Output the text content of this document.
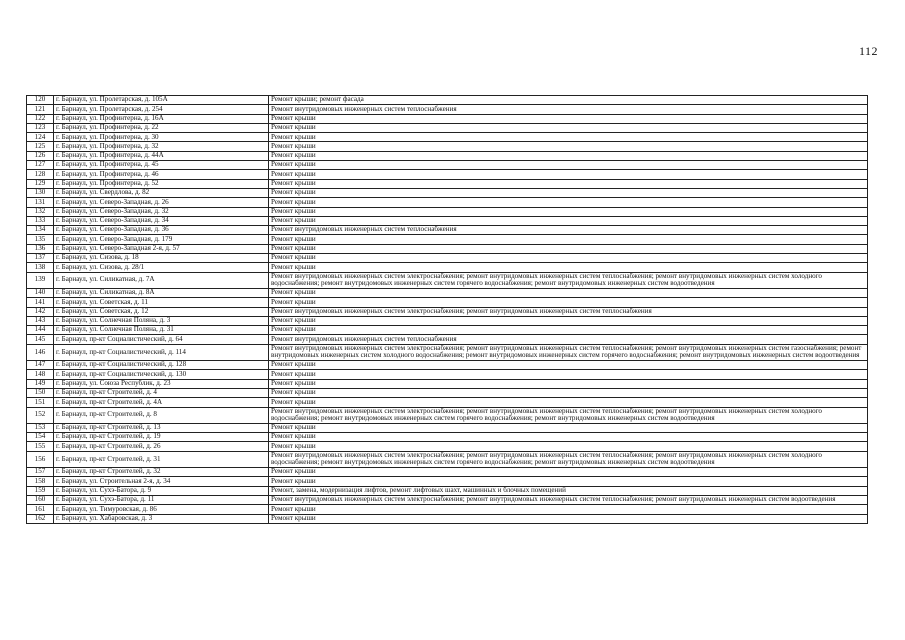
112
120	г. Барнаул, ул. Пролетарская, д. 105А	Ремонт крыши; ремонт фасада
121	г. Барнаул, ул. Пролетарская, д. 254	Ремонт внутридомовых инженерных систем теплоснабжения
122	г. Барнаул, ул. Профинтерна, д. 16А	Ремонт крыши
123	г. Барнаул, ул. Профинтерна, д. 22	Ремонт крыши
124	г. Барнаул, ул. Профинтерна, д. 30	Ремонт крыши
125	г. Барнаул, ул. Профинтерна, д. 32	Ремонт крыши
126	г. Барнаул, ул. Профинтерна, д. 44А	Ремонт крыши
127	г. Барнаул, ул. Профинтерна, д. 45	Ремонт крыши
128	г. Барнаул, ул. Профинтерна, д. 46	Ремонт крыши
129	г. Барнаул, ул. Профинтерна, д. 52	Ремонт крыши
130	г. Барнаул, ул. Свердлова, д. 82	Ремонт крыши
131	г. Барнаул, ул. Северо-Западная, д. 26	Ремонт крыши
132	г. Барнаул, ул. Северо-Западная, д. 32	Ремонт крыши
133	г. Барнаул, ул. Северо-Западная, д. 34	Ремонт крыши
134	г. Барнаул, ул. Северо-Западная, д. 36	Ремонт внутридомовых инженерных систем теплоснабжения
135	г. Барнаул, ул. Северо-Западная, д. 179	Ремонт крыши
136	г. Барнаул, ул. Северо-Западная 2-я, д. 57	Ремонт крыши
137	г. Барнаул, ул. Сизова, д. 18	Ремонт крыши
138	г. Барнаул, ул. Сизова, д. 28/1	Ремонт крыши
139	г. Барнаул, ул. Силикатная, д. 7А	Ремонт внутридомовых инженерных систем электроснабжения; ремонт внутридомовых инженерных систем теплоснабжения; ремонт внутридомовых инженерных систем холодного водоснабжения; ремонт внутридомовых инженерных систем горячего водоснабжения; ремонт внутридомовых инженерных систем водоотведения
140	г. Барнаул, ул. Силикатная, д. 8А	Ремонт крыши
141	г. Барнаул, ул. Советская, д. 11	Ремонт крыши
142	г. Барнаул, ул. Советская, д. 12	Ремонт внутридомовых инженерных систем электроснабжения; ремонт внутридомовых инженерных систем теплоснабжения
143	г. Барнаул, ул. Солнечная Поляна, д. 3	Ремонт крыши
144	г. Барнаул, ул. Солнечная Поляна, д. 31	Ремонт крыши
145	г. Барнаул, пр-кт Социалистический, д. 64	Ремонт внутридомовых инженерных систем теплоснабжения
146	г. Барнаул, пр-кт Социалистический, д. 114	Ремонт внутридомовых инженерных систем электроснабжения; ремонт внутридомовых инженерных систем теплоснабжения; ремонт внутридомовых инженерных систем газоснабжения; ремонт внутридомовых инженерных систем холодного водоснабжения; ремонт внутридомовых инженерных систем горячего водоснабжения; ремонт внутридомовых инженерных систем водоотведения
147	г. Барнаул, пр-кт Социалистический, д. 128	Ремонт крыши
148	г. Барнаул, пр-кт Социалистический, д. 130	Ремонт крыши
149	г. Барнаул, ул. Союза Республик, д. 23	Ремонт крыши
150	г. Барнаул, пр-кт Строителей, д. 4	Ремонт крыши
151	г. Барнаул, пр-кт Строителей, д. 4А	Ремонт крыши
152	г. Барнаул, пр-кт Строителей, д. 8	Ремонт внутридомовых инженерных систем электроснабжения; ремонт внутридомовых инженерных систем теплоснабжения; ремонт внутридомовых инженерных систем холодного водоснабжения; ремонт внутридомовых инженерных систем горячего водоснабжения; ремонт внутридомовых инженерных систем водоотведения
153	г. Барнаул, пр-кт Строителей, д. 13	Ремонт крыши
154	г. Барнаул, пр-кт Строителей, д. 19	Ремонт крыши
155	г. Барнаул, пр-кт Строителей, д. 26	Ремонт крыши
156	г. Барнаул, пр-кт Строителей, д. 31	Ремонт внутридомовых инженерных систем электроснабжения; ремонт внутридомовых инженерных систем теплоснабжения; ремонт внутридомовых инженерных систем холодного водоснабжения; ремонт внутридомовых инженерных систем горячего водоснабжения; ремонт внутридомовых инженерных систем водоотведения
157	г. Барнаул, пр-кт Строителей, д. 32	Ремонт крыши
158	г. Барнаул, ул. Строительная 2-я, д. 34	Ремонт крыши
159	г. Барнаул, ул. Сухэ-Батора, д. 9	Ремонт, замена, модернизация лифтов, ремонт лифтовых шахт, машинных и блочных помещений
160	г. Барнаул, ул. Сухэ-Батора, д. 11	Ремонт внутридомовых инженерных систем электроснабжения; ремонт внутридомовых инженерных систем теплоснабжения; ремонт внутридомовых инженерных систем водоотведения
161	г. Барнаул, ул. Тимуровская, д. 86	Ремонт крыши
162	г. Барнаул, ул. Хабаровская, д. 3	Ремонт крыши
